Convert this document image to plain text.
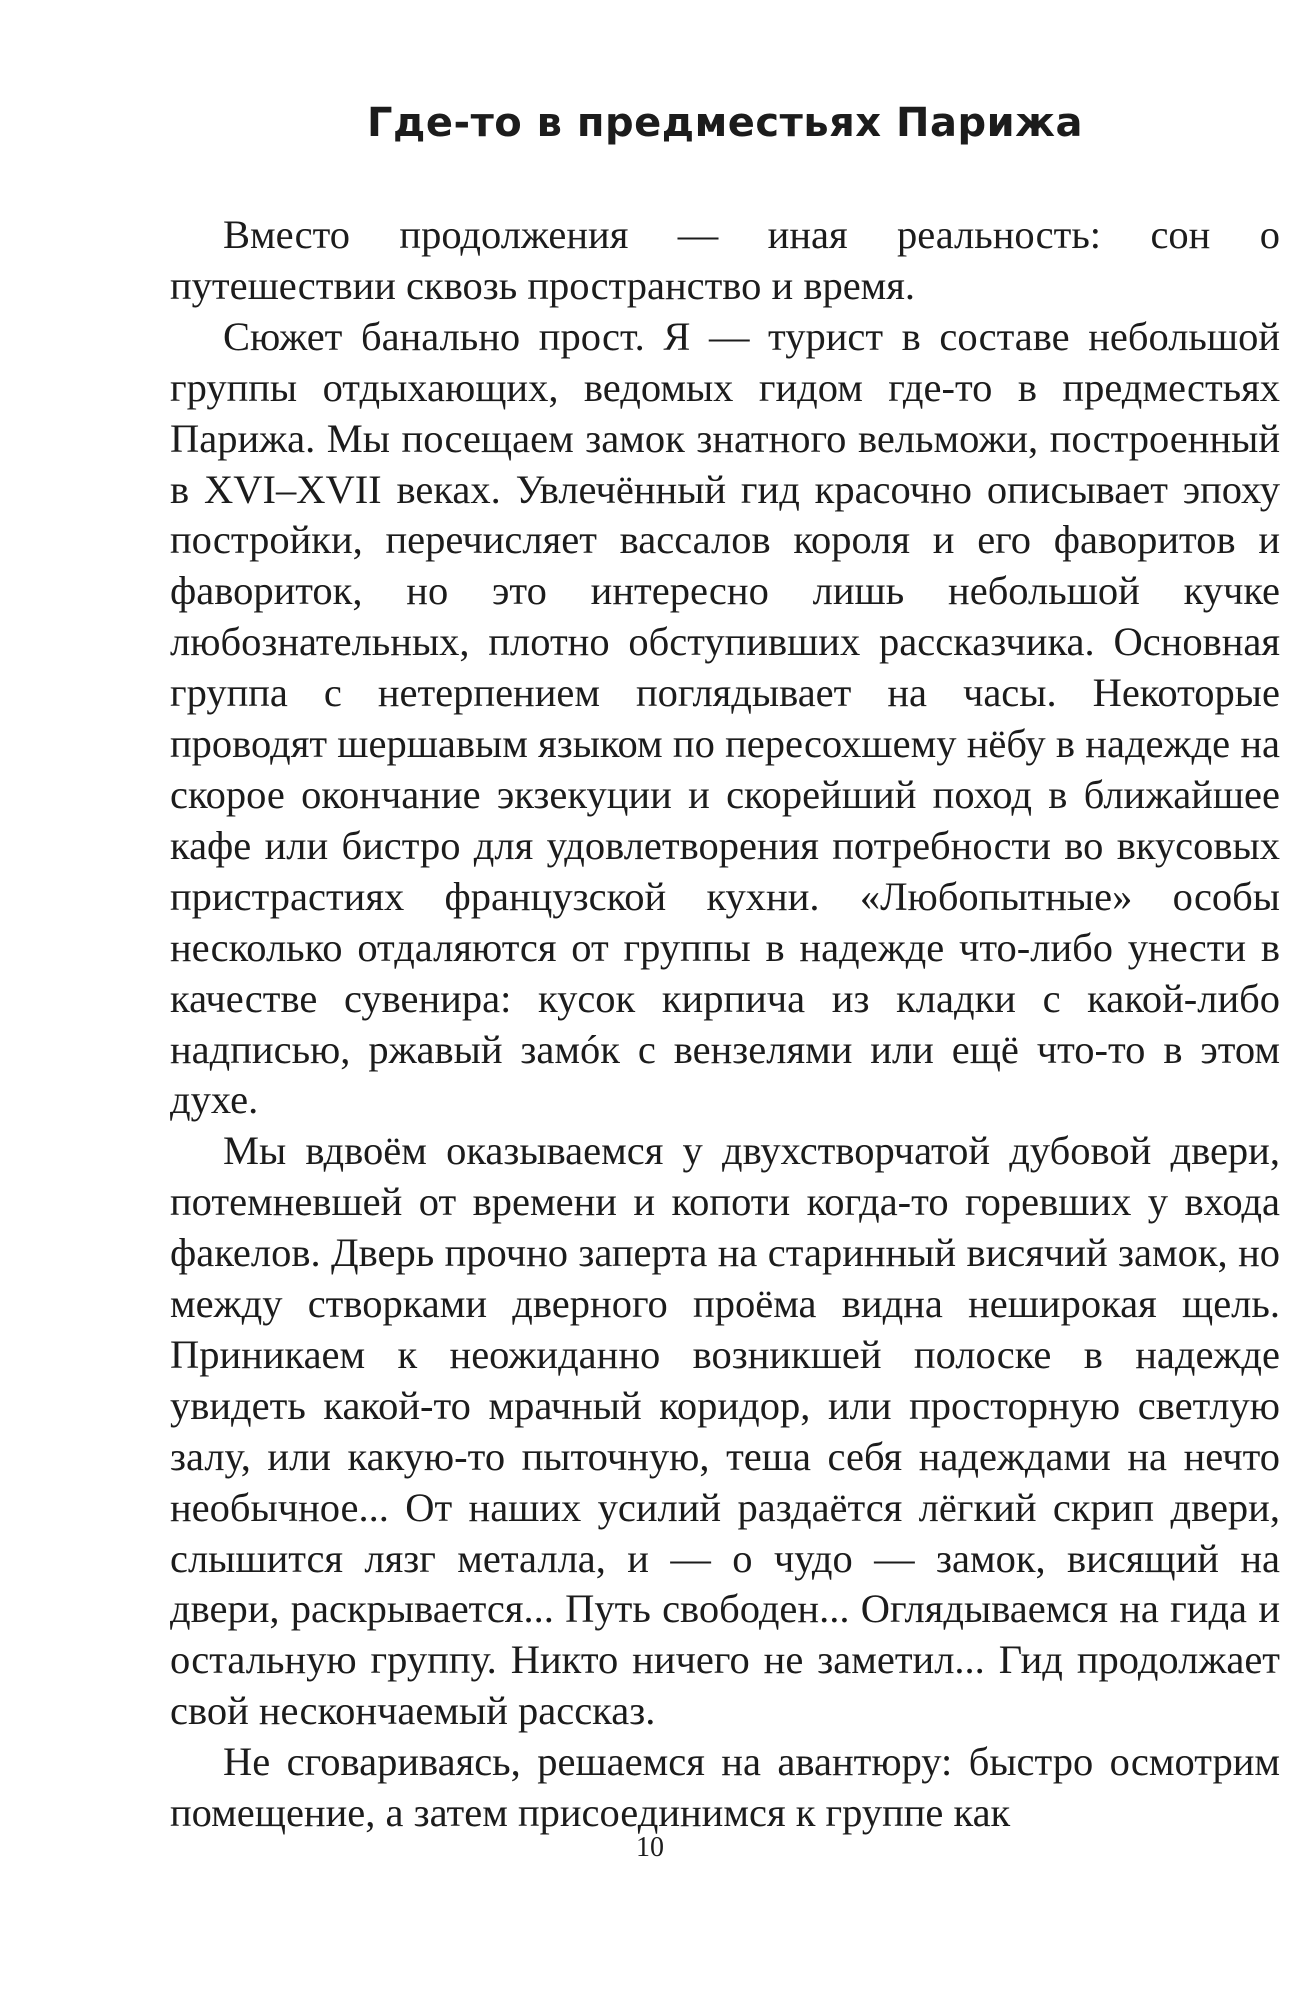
Где-то в предместьях Парижа

Вместо продолжения — иная реальность: сон о путешествии сквозь пространство и время.

Сюжет банально прост. Я — турист в составе небольшой группы отдыхающих, ведомых гидом где-то в предместьях Парижа. Мы посещаем замок знатного вельможи, построенный в XVI–XVII веках. Увлечённый гид красочно описывает эпоху постройки, перечисляет вассалов короля и его фаворитов и фавориток, но это интересно лишь небольшой кучке любознательных, плотно обступивших рассказчика. Основная группа с нетерпением поглядывает на часы. Некоторые проводят шершавым языком по пересохшему нёбу в надежде на скорое окончание экзекуции и скорейший поход в ближайшее кафе или бистро для удовлетворения потребности во вкусовых пристрастиях французской кухни. «Любопытные» особы несколько отдаляются от группы в надежде что-либо унести в качестве сувенира: кусок кирпича из кладки с какой-либо надписью, ржавый замóк с вензелями или ещё что-то в этом духе.

Мы вдвоём оказываемся у двухстворчатой дубовой двери, потемневшей от времени и копоти когда-то горевших у входа факелов. Дверь прочно заперта на старинный висячий замок, но между створками дверного проёма видна неширокая щель. Приникаем к неожиданно возникшей полоске в надежде увидеть какой-то мрачный коридор, или просторную светлую залу, или какую-то пыточную, теша себя надеждами на нечто необычное... От наших усилий раздаётся лёгкий скрип двери, слышится лязг металла, и — о чудо — замок, висящий на двери, раскрывается... Путь свободен... Оглядываемся на гида и остальную группу. Никто ничего не заметил... Гид продолжает свой нескончаемый рассказ.

Не сговариваясь, решаемся на авантюру: быстро осмотрим помещение, а затем присоединимся к группе как

10
